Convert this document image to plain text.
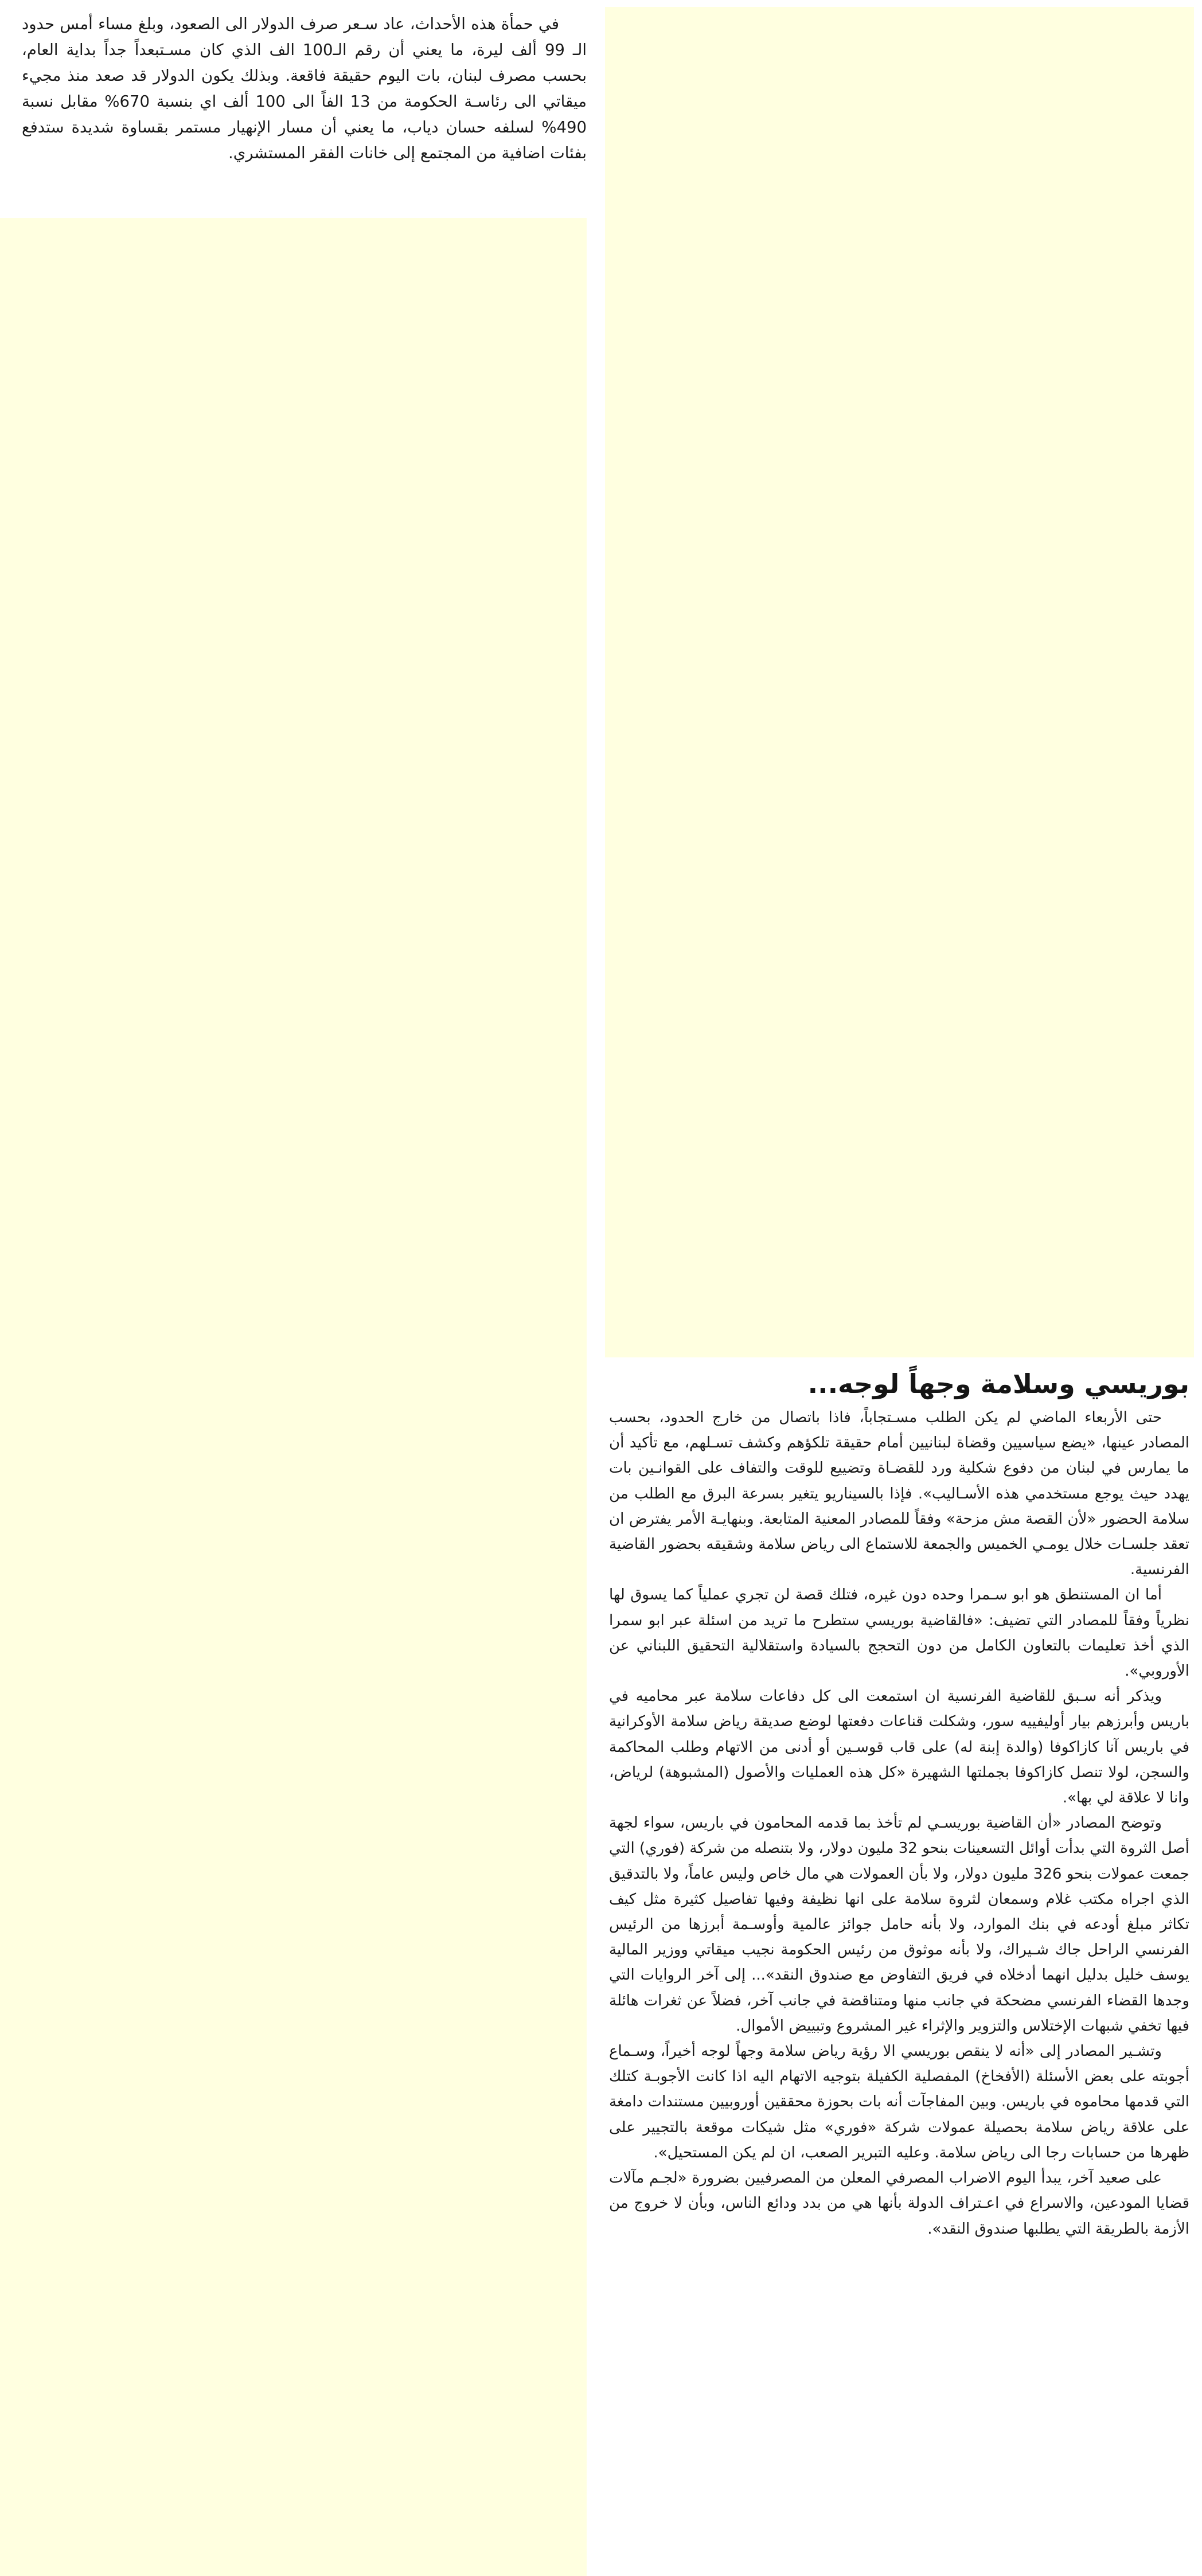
في حمأة هذه الأحداث، عاد سـعر صرف الدولار الى الصعود، وبلغ مساء أمس حدود الـ 99 ألف ليرة، ما يعني أن رقم الـ100 الف الذي كان مسـتبعداً جداً بداية العام، بحسب مصرف لبنان، بات اليوم حقيقة فاقعة. وبذلك يكون الدولار قد صعد منذ مجيء ميقاتي الى رئاسـة الحكومة من 13 الفاً الى 100 ألف اي بنسبة 670% مقابل نسبة 490% لسلفه حسان دياب، ما يعني أن مسار الإنهيار مستمر بقساوة شديدة ستدفع بفئات اضافية من المجتمع إلى خانات الفقر المستشري.

بوريسي وسلامة وجهاً لوجه...

حتى الأربعاء الماضي لم يكن الطلب مسـتجاباً، فاذا باتصال من خارج الحدود، بحسب المصادر عينها، «يضع سياسيين وقضاة لبنانيين أمام حقيقة تلكؤهم وكشف تسـلهم، مع تأكيد أن ما يمارس في لبنان من دفوع شكلية ورد للقضـاة وتضييع للوقت والتفاف على القوانـين بات يهدد حيث يوجع مستخدمي هذه الأسـاليب». فإذا بالسيناريو يتغير بسرعة البرق مع الطلب من سلامة الحضور «لأن القصة مش مزحة» وفقاً للمصادر المعنية المتابعة. وبنهايـة الأمر يفترض ان تعقد جلسـات خلال يومـي الخميس والجمعة للاستماع الى رياض سلامة وشقيقه بحضور القاضية الفرنسية.

أما ان المستنطق هو ابو سـمرا وحده دون غيره، فتلك قصة لن تجري عملياً كما يسوق لها نظرياً وفقاً للمصادر التي تضيف: «فالقاضية بوريسي ستطرح ما تريد من اسئلة عبر ابو سمرا الذي أخذ تعليمات بالتعاون الكامل من دون التحجج بالسيادة واستقلالية التحقيق اللبناني عن الأوروبي».

ويذكر أنه سـبق للقاضية الفرنسية ان استمعت الى كل دفاعات سلامة عبر محاميه في باريس وأبرزهم بيار أوليفييه سور، وشكلت قناعات دفعتها لوضع صديقة رياض سلامة الأوكرانية في باريس آنا كازاكوفا (والدة إبنة له) على قاب قوسـين أو أدنى من الاتهام وطلب المحاكمة والسجن، لولا تنصل كازاكوفا بجملتها الشهيرة «كل هذه العمليات والأصول (المشبوهة) لرياض، وانا لا علاقة لي بها».

وتوضح المصادر «أن القاضية بوريسـي لم تأخذ بما قدمه المحامون في باريس، سواء لجهة أصل الثروة التي بدأت أوائل التسعينات بنحو 32 مليون دولار، ولا بتنصله من شركة (فوري) التي جمعت عمولات بنحو 326 مليون دولار، ولا بأن العمولات هي مال خاص وليس عاماً، ولا بالتدقيق الذي اجراه مكتب غلام وسمعان لثروة سلامة على انها نظيفة وفيها تفاصيل كثيرة مثل كيف تكاثر مبلغ أودعه في بنك الموارد، ولا بأنه حامل جوائز عالمية وأوسـمة أبرزها من الرئيس الفرنسي الراحل جاك شـيراك، ولا بأنه موثوق من رئيس الحكومة نجيب ميقاتي ووزير المالية يوسف خليل بدليل انهما أدخلاه في فريق التفاوض مع صندوق النقد»... إلى آخر الروايات التي وجدها القضاء الفرنسي مضحكة في جانب منها ومتناقضة في جانب آخر، فضلاً عن ثغرات هائلة فيها تخفي شبهات الإختلاس والتزوير والإثراء غير المشروع وتبييض الأموال.

وتشـير المصادر إلى «أنه لا ينقص بوريسي الا رؤية رياض سلامة وجهاً لوجه أخيراً، وسـماع أجوبته على بعض الأسئلة (الأفخاخ) المفصلية الكفيلة بتوجيه الاتهام اليه اذا كانت الأجوبـة كتلك التي قدمها محاموه في باريس. وبين المفاجآت أنه بات بحوزة محققين أوروبيين مستندات دامغة على علاقة رياض سلامة بحصيلة عمولات شركة «فوري» مثل شيكات موقعة بالتجيير على ظهرها من حسابات رجا الى رياض سلامة. وعليه التبرير الصعب، ان لم يكن المستحيل».

على صعيد آخر، يبدأ اليوم الاضراب المصرفي المعلن من المصرفيين بضرورة «لجـم مآلات قضايا المودعين، والاسراع في اعـتراف الدولة بأنها هي من بدد ودائع الناس، وبأن لا خروج من الأزمة بالطريقة التي يطلبها صندوق النقد».
